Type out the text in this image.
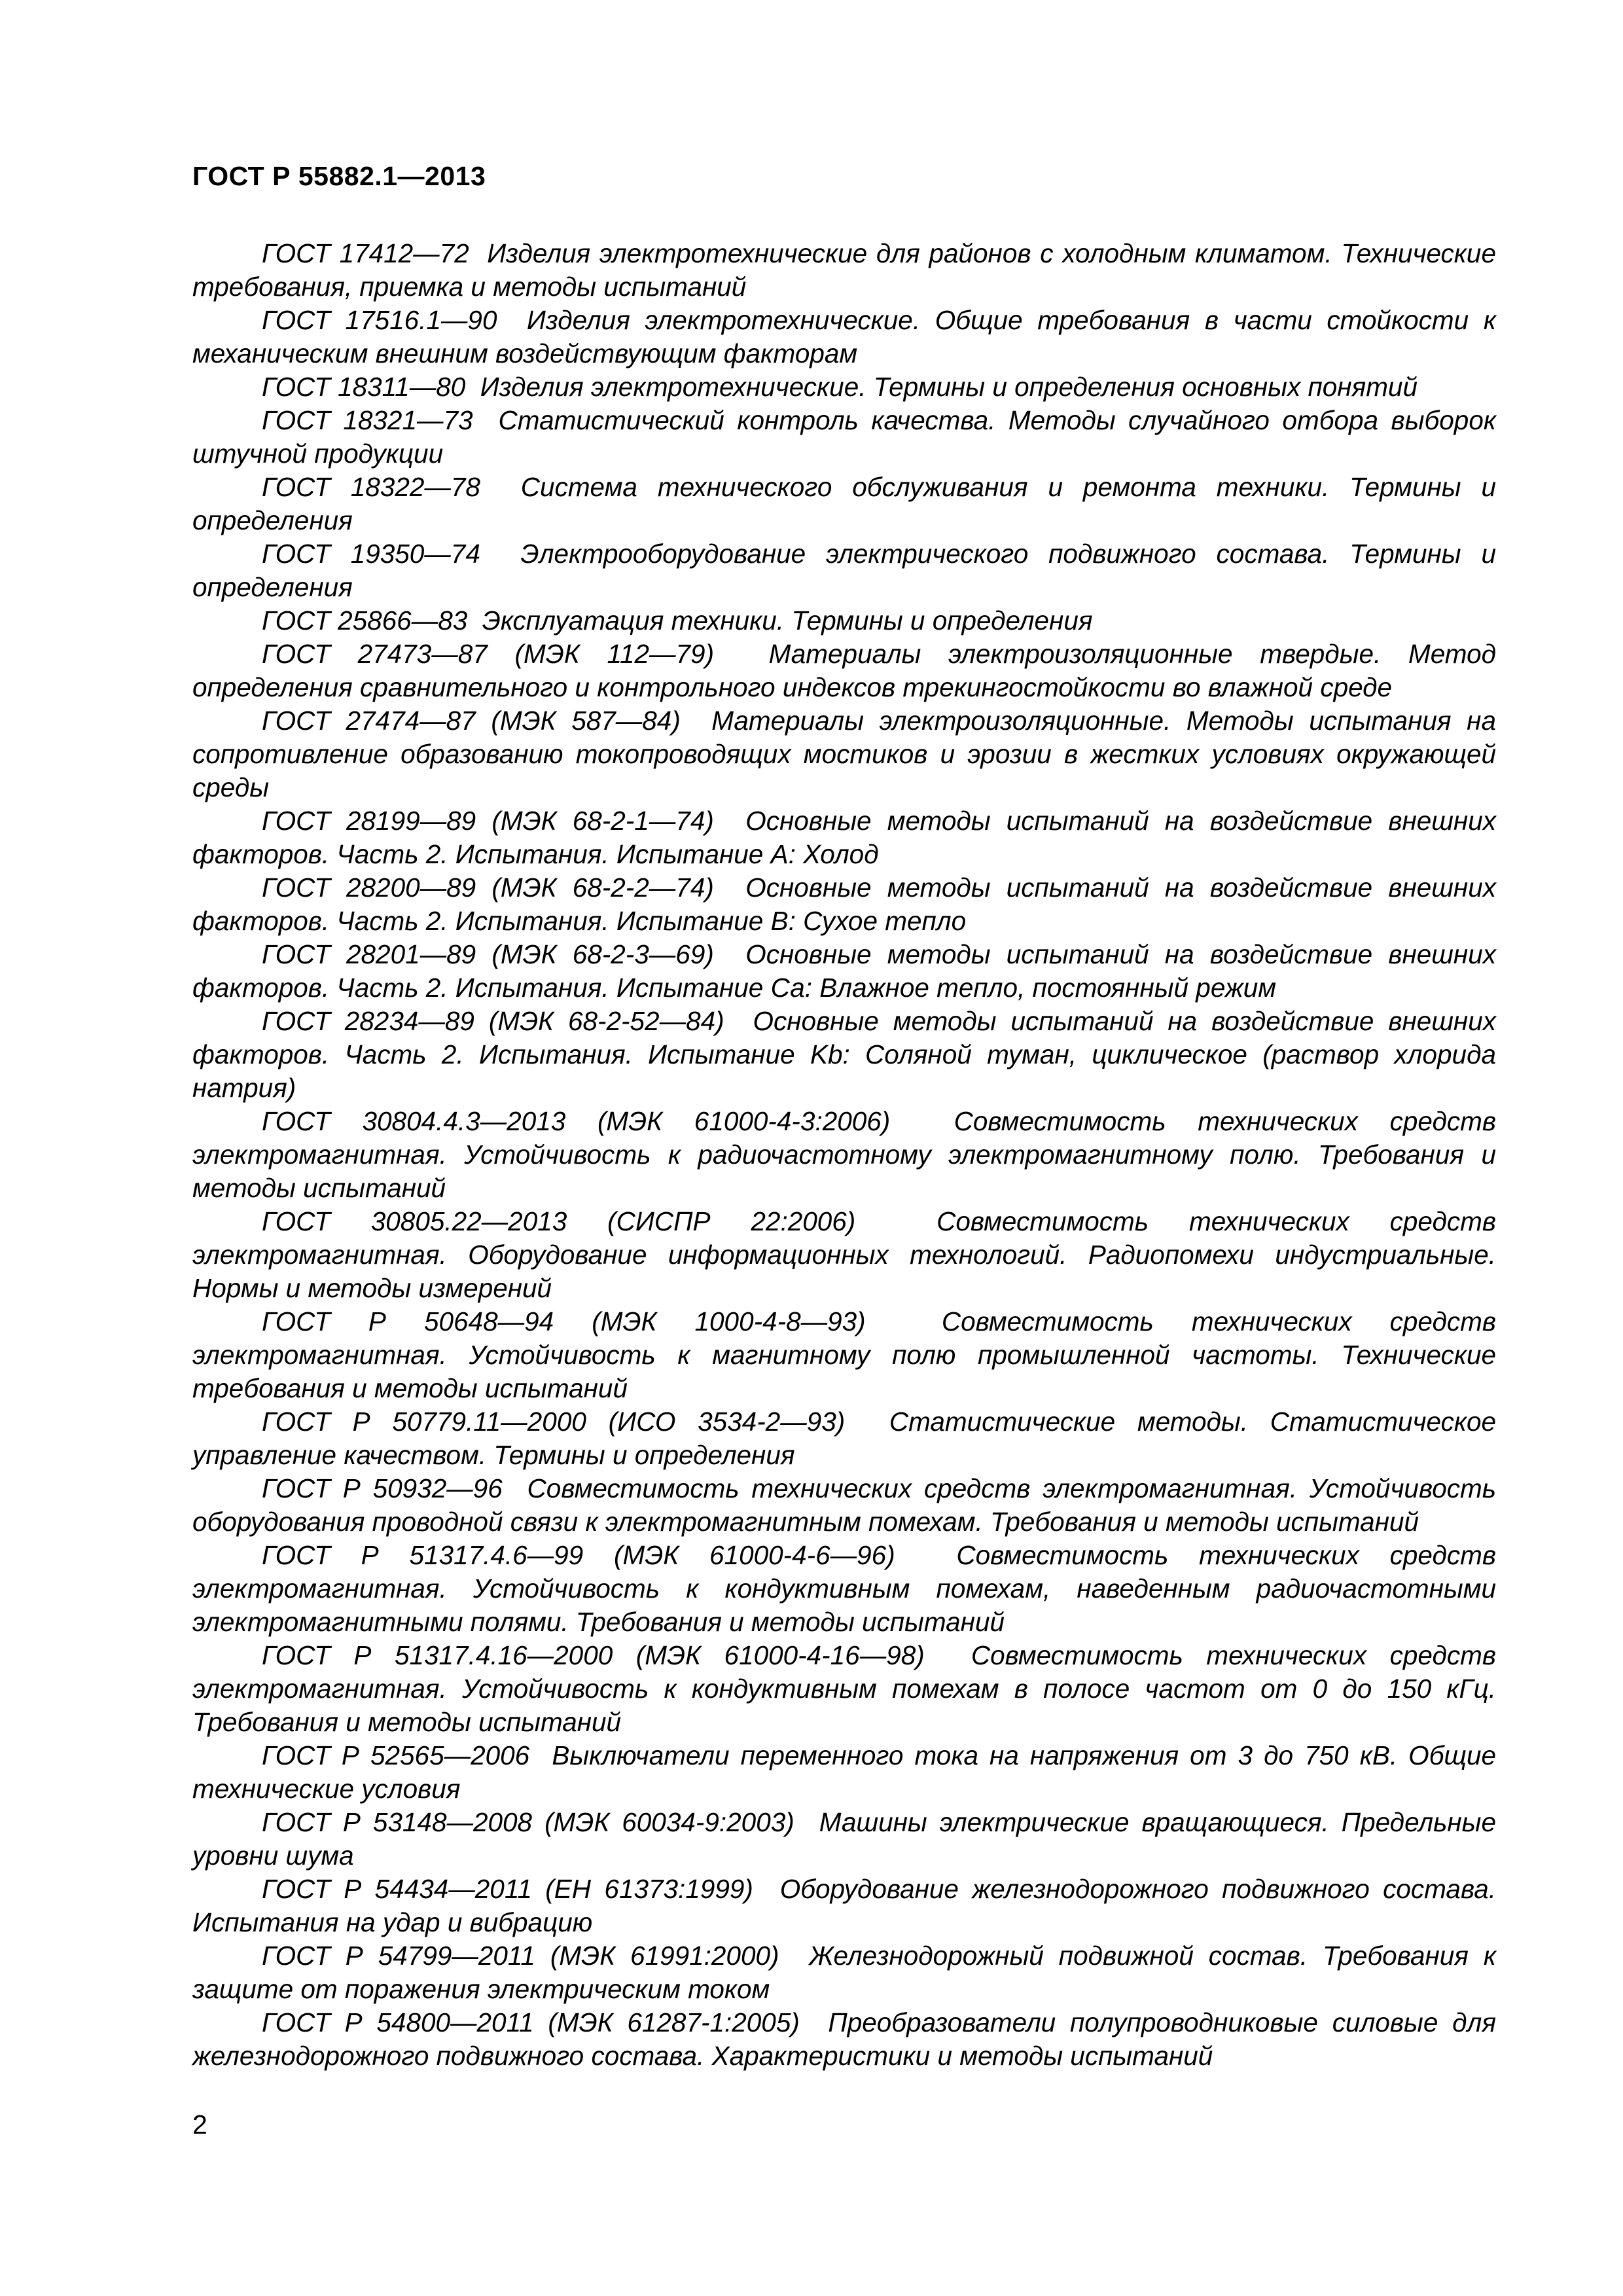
ГОСТ Р 55882.1—2013
ГОСТ 17412—72 Изделия электротехнические для районов с холодным климатом. Технические требования, приемка и методы испытаний
ГОСТ 17516.1—90 Изделия электротехнические. Общие требования в части стойкости к механическим внешним воздействующим факторам
ГОСТ 18311—80 Изделия электротехнические. Термины и определения основных понятий
ГОСТ 18321—73 Статистический контроль качества. Методы случайного отбора выборок штучной продукции
ГОСТ 18322—78 Система технического обслуживания и ремонта техники. Термины и определения
ГОСТ 19350—74 Электрооборудование электрического подвижного состава. Термины и определения
ГОСТ 25866—83 Эксплуатация техники. Термины и определения
ГОСТ 27473—87 (МЭК 112—79) Материалы электроизоляционные твердые. Метод определения сравнительного и контрольного индексов трекингостойкости во влажной среде
ГОСТ 27474—87 (МЭК 587—84) Материалы электроизоляционные. Методы испытания на сопротивление образованию токопроводящих мостиков и эрозии в жестких условиях окружающей среды
ГОСТ 28199—89 (МЭК 68-2-1—74) Основные методы испытаний на воздействие внешних факторов. Часть 2. Испытания. Испытание А: Холод
ГОСТ 28200—89 (МЭК 68-2-2—74) Основные методы испытаний на воздействие внешних факторов. Часть 2. Испытания. Испытание В: Сухое тепло
ГОСТ 28201—89 (МЭК 68-2-3—69) Основные методы испытаний на воздействие внешних факторов. Часть 2. Испытания. Испытание Са: Влажное тепло, постоянный режим
ГОСТ 28234—89 (МЭК 68-2-52—84) Основные методы испытаний на воздействие внешних факторов. Часть 2. Испытания. Испытание Kb: Соляной туман, циклическое (раствор хлорида натрия)
ГОСТ 30804.4.3—2013 (МЭК 61000-4-3:2006) Совместимость технических средств электромагнитная. Устойчивость к радиочастотному электромагнитному полю. Требования и методы испытаний
ГОСТ 30805.22—2013 (СИСПР 22:2006)	Совместимость технических средств электромагнитная. Оборудование информационных технологий. Радиопомехи индустриальные. Нормы и методы измерений
ГОСТ Р 50648—94 (МЭК 1000-4-8—93)	Совместимость технических средств электромагнитная. Устойчивость к магнитному полю промышленной частоты. Технические требования и методы испытаний
ГОСТ Р 50779.11—2000 (ИСО 3534-2—93) Статистические методы. Статистическое управление качеством. Термины и определения
ГОСТ Р 50932—96 Совместимость технических средств электромагнитная. Устойчивость оборудования проводной связи к электромагнитным помехам. Требования и методы испытаний
ГОСТ Р 51317.4.6—99 (МЭК 61000-4-6—96) Совместимость технических средств электромагнитная. Устойчивость к кондуктивным помехам, наведенным радиочастотными электромагнитными полями. Требования и методы испытаний
ГОСТ Р 51317.4.16—2000 (МЭК 61000-4-16—98) Совместимость технических средств электромагнитная. Устойчивость к кондуктивным помехам в полосе частот от 0 до 150 кГц. Требования и методы испытаний
ГОСТ Р 52565—2006 Выключатели переменного тока на напряжения от 3 до 750 кВ. Общие технические условия
ГОСТ Р 53148—2008 (МЭК 60034-9:2003) Машины электрические вращающиеся. Предельные уровни шума
ГОСТ Р 54434—2011 (ЕН 61373:1999) Оборудование железнодорожного подвижного состава. Испытания на удар и вибрацию
ГОСТ Р 54799—2011 (МЭК 61991:2000) Железнодорожный подвижной состав. Требования к защите от поражения электрическим током
ГОСТ Р 54800—2011 (МЭК 61287-1:2005) Преобразователи полупроводниковые силовые для железнодорожного подвижного состава. Характеристики и методы испытаний
2
